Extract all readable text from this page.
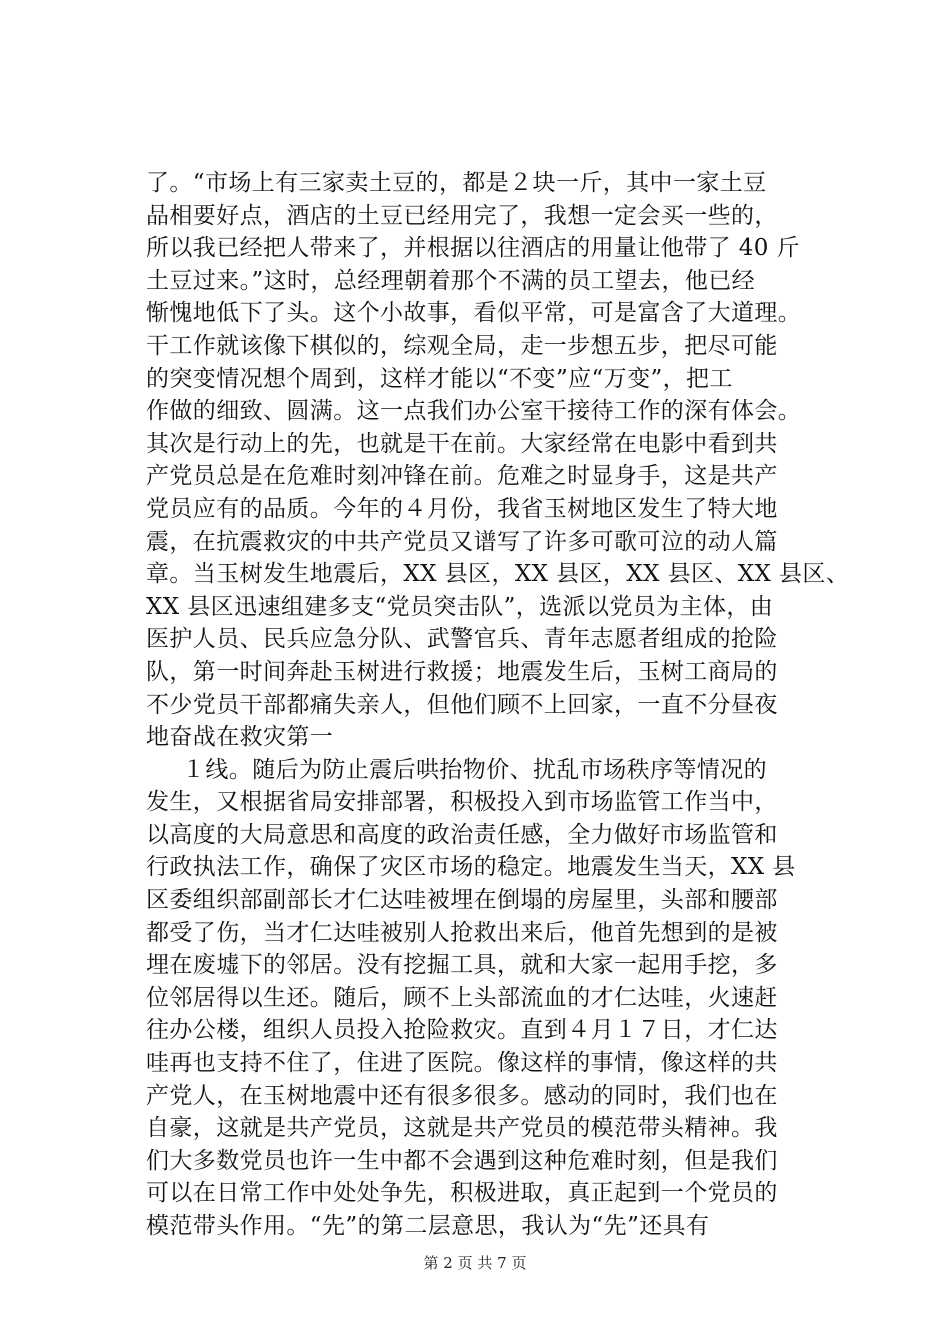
了。“市场上有三家卖土豆的，都是２块一斤，其中一家土豆
品相要好点，酒店的土豆已经用完了，我想一定会买一些的，
所以我已经把人带来了，并根据以往酒店的用量让他带了 40 斤
土豆过来。”这时，总经理朝着那个不满的员工望去，他已经
惭愧地低下了头。这个小故事，看似平常，可是富含了大道理。
干工作就该像下棋似的，综观全局，走一步想五步，把尽可能
的突变情况想个周到，这样才能以“不变”应“万变”，把工
作做的细致、圆满。这一点我们办公室干接待工作的深有体会。
其次是行动上的先，也就是干在前。大家经常在电影中看到共
产党员总是在危难时刻冲锋在前。危难之时显身手，这是共产
党员应有的品质。今年的４月份，我省玉树地区发生了特大地
震，在抗震救灾的中共产党员又谱写了许多可歌可泣的动人篇
章。当玉树发生地震后，XX 县区，XX 县区，XX 县区、XX 县区、
XX 县区迅速组建多支“党员突击队”，选派以党员为主体，由
医护人员、民兵应急分队、武警官兵、青年志愿者组成的抢险
队，第一时间奔赴玉树进行救援；地震发生后，玉树工商局的
不少党员干部都痛失亲人，但他们顾不上回家，一直不分昼夜
地奋战在救灾第一
１线。随后为防止震后哄抬物价、扰乱市场秩序等情况的
发生，又根据省局安排部署，积极投入到市场监管工作当中，
以高度的大局意思和高度的政治责任感，全力做好市场监管和
行政执法工作，确保了灾区市场的稳定。地震发生当天，XX 县
区委组织部副部长才仁达哇被埋在倒塌的房屋里，头部和腰部
都受了伤，当才仁达哇被别人抢救出来后，他首先想到的是被
埋在废墟下的邻居。没有挖掘工具，就和大家一起用手挖，多
位邻居得以生还。随后，顾不上头部流血的才仁达哇，火速赶
往办公楼，组织人员投入抢险救灾。直到４月１７日，才仁达
哇再也支持不住了，住进了医院。像这样的事情，像这样的共
产党人，在玉树地震中还有很多很多。感动的同时，我们也在
自豪，这就是共产党员，这就是共产党员的模范带头精神。我
们大多数党员也许一生中都不会遇到这种危难时刻，但是我们
可以在日常工作中处处争先，积极进取，真正起到一个党员的
模范带头作用。“先”的第二层意思，我认为“先”还具有
第 2 页 共 7 页
